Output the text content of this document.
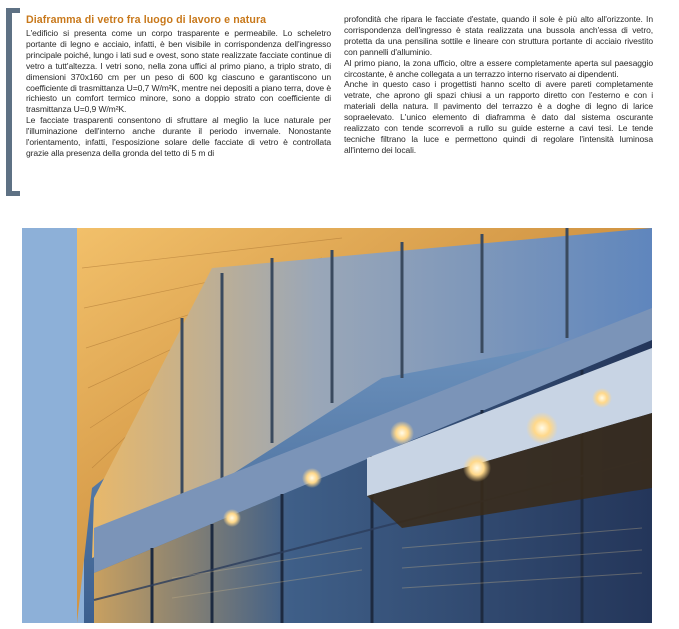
Diaframma di vetro fra luogo di lavoro e natura

L'edificio si presenta come un corpo trasparente e permeabile. Lo scheletro portante di legno e acciaio, infatti, è ben visibile in corrispondenza dell'ingresso principale poiché, lungo i lati sud e ovest, sono state realizzate facciate continue di vetro a tutt'altezza. I vetri sono, nella zona uffici al primo piano, a triplo strato, di dimensioni 370x160 cm per un peso di 600 kg ciascuno e garantiscono un coefficiente di trasmittanza U=0,7 W/m²K, mentre nei depositi a piano terra, dove è richiesto un comfort termico minore, sono a doppio strato con coefficiente di trasmittanza U=0,9 W/m²K.

Le facciate trasparenti consentono di sfruttare al meglio la luce naturale per l'illuminazione dell'interno anche durante il periodo invernale. Nonostante l'orientamento, infatti, l'esposizione solare delle facciate di vetro è controllata grazie alla presenza della gronda del tetto di 5 m di

profondità che ripara le facciate d'estate, quando il sole è più alto all'orizzonte. In corrispondenza dell'ingresso è stata realizzata una bussola anch'essa di vetro, protetta da una pensilina sottile e lineare con struttura portante di acciaio rivestito con pannelli d'alluminio.

Al primo piano, la zona ufficio, oltre a essere completamente aperta sul paesaggio circostante, è anche collegata a un terrazzo interno riservato ai dipendenti.

Anche in questo caso i progettisti hanno scelto di avere pareti completamente vetrate, che aprono gli spazi chiusi a un rapporto diretto con l'esterno e con i materiali della natura. Il pavimento del terrazzo è a doghe di legno di larice sopraelevato. L'unico elemento di diaframma è dato dal sistema oscurante realizzato con tende scorrevoli a rullo su guide esterne a cavi tesi. Le tende tecniche filtrano la luce e permettono quindi di regolare l'intensità luminosa all'interno dei locali.
